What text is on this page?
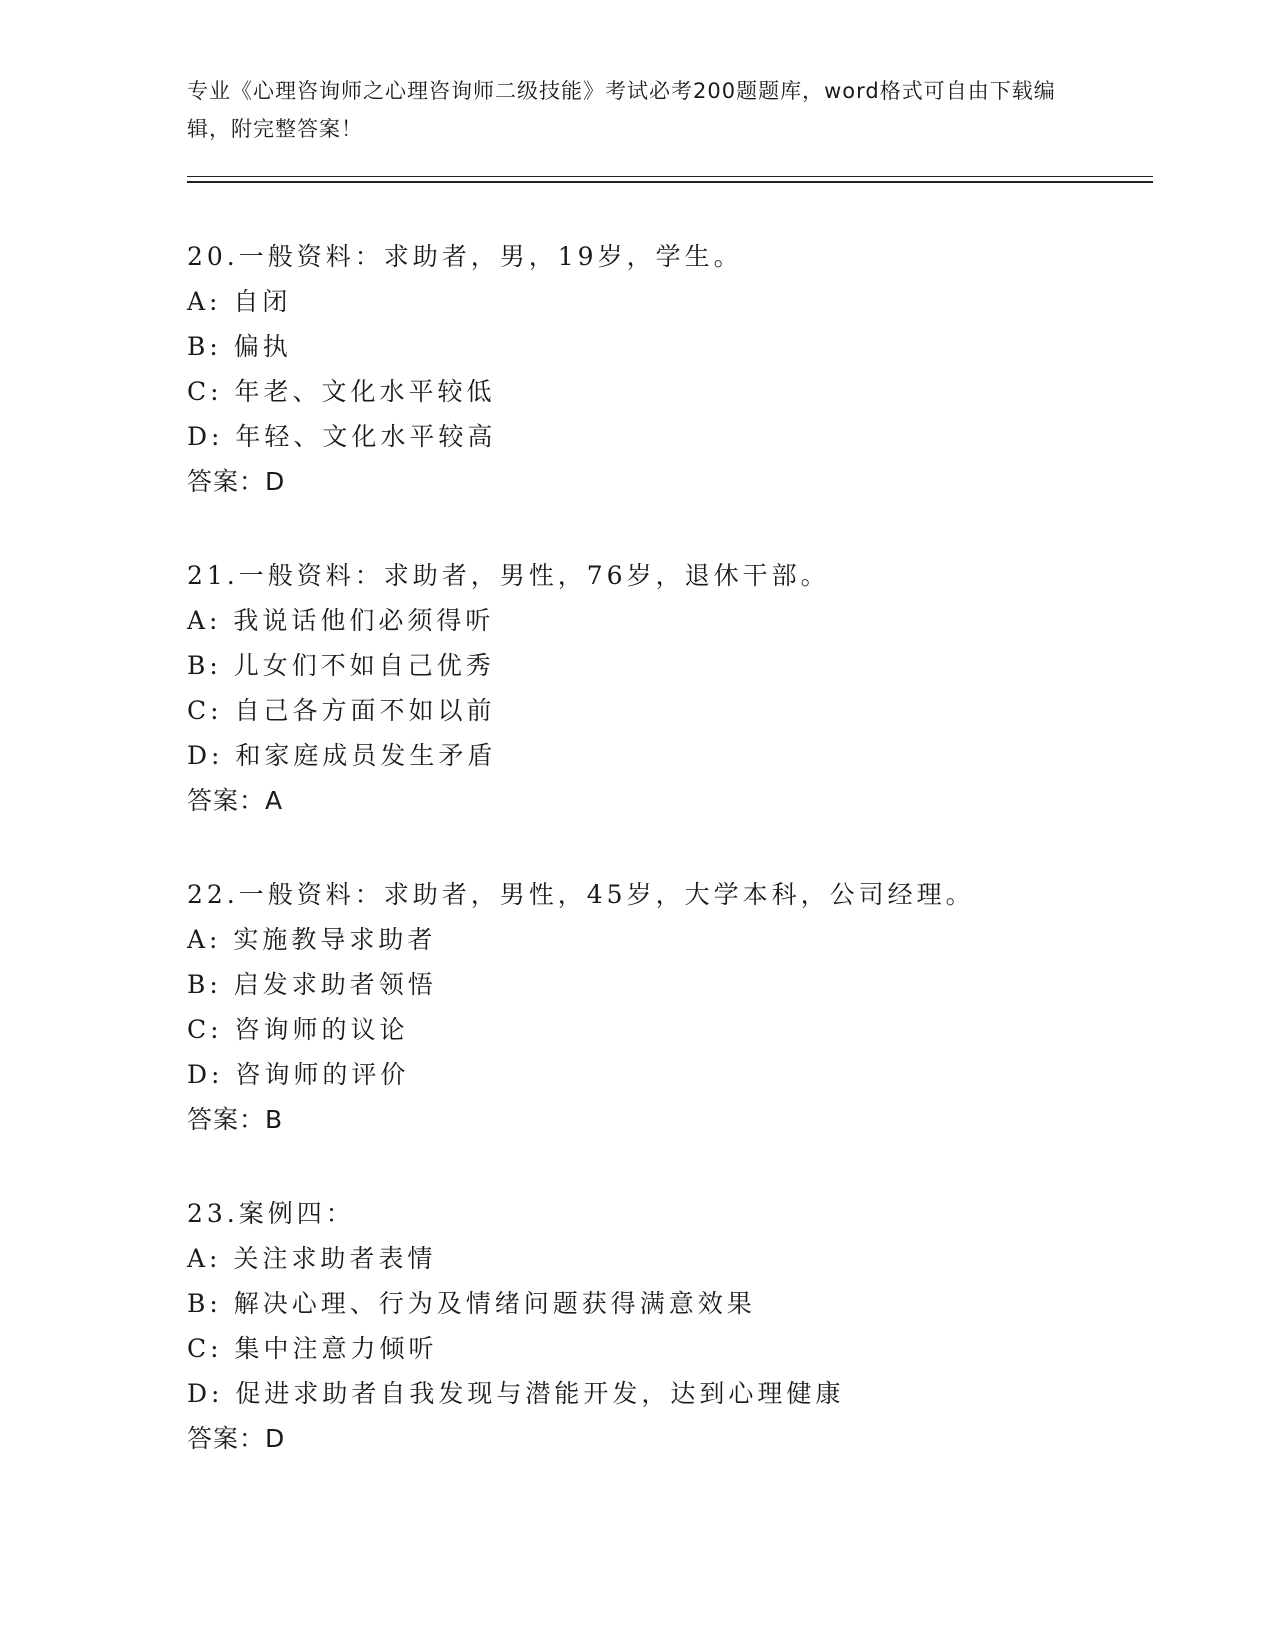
专业《心理咨询师之心理咨询师二级技能》考试必考200题题库，word格式可自由下载编辑，附完整答案！
20.一般资料：求助者，男，19岁，学生。
A: 自闭
B: 偏执
C: 年老、文化水平较低
D: 年轻、文化水平较高
答案：D
21.一般资料：求助者，男性，76岁，退休干部。
A: 我说话他们必须得听
B: 儿女们不如自己优秀
C: 自己各方面不如以前
D: 和家庭成员发生矛盾
答案：A
22.一般资料：求助者，男性，45岁，大学本科，公司经理。
A: 实施教导求助者
B: 启发求助者领悟
C: 咨询师的议论
D: 咨询师的评价
答案：B
23.案例四：
A: 关注求助者表情
B: 解决心理、行为及情绪问题获得满意效果
C: 集中注意力倾听
D: 促进求助者自我发现与潜能开发，达到心理健康
答案：D
